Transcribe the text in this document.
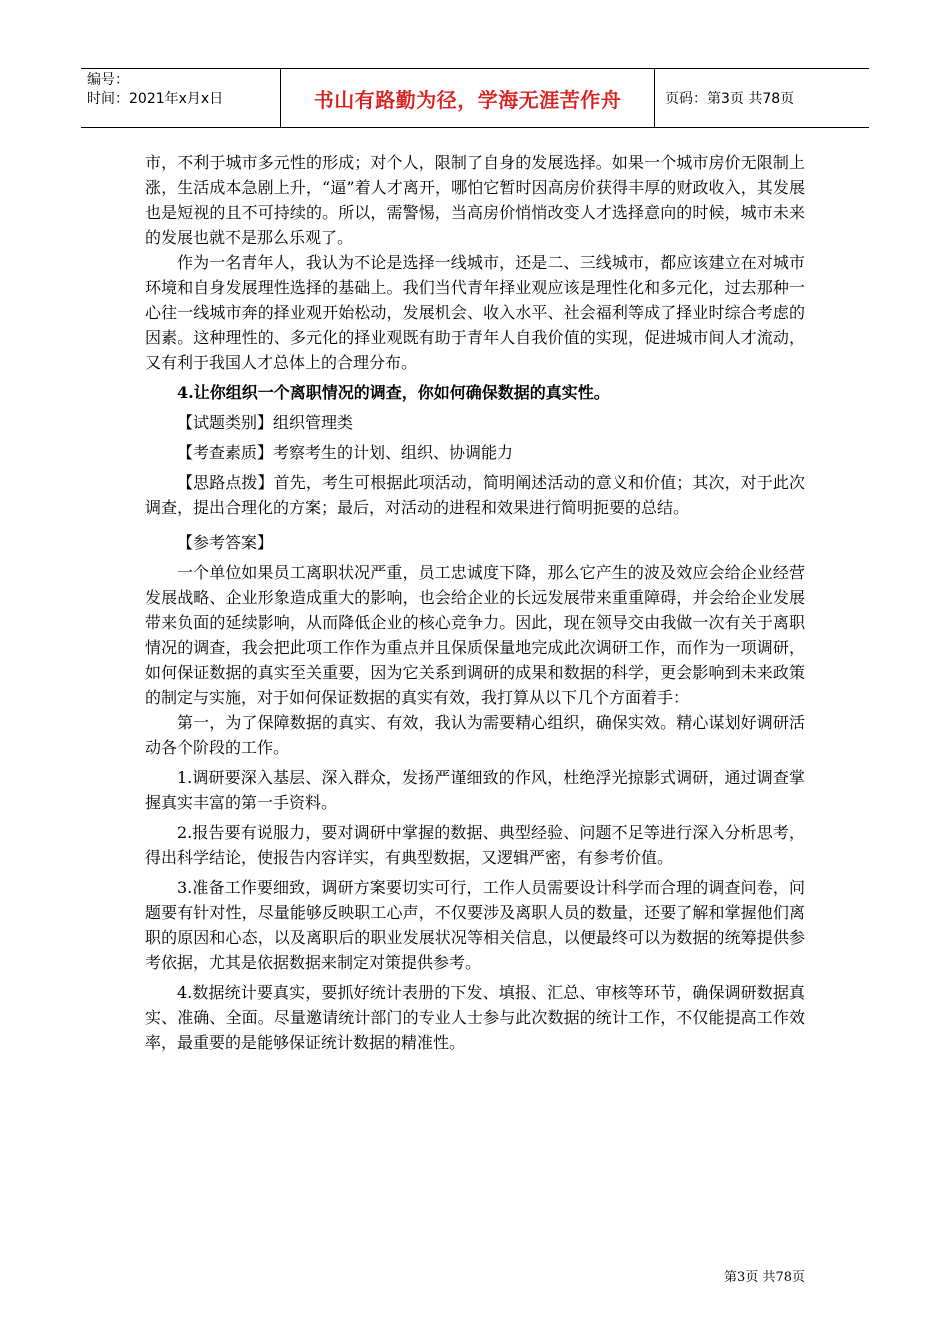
编号：
时间：2021年x月x日	书山有路勤为径，学海无涯苦作舟	页码：第3页 共78页

市，不利于城市多元性的形成；对个人，限制了自身的发展选择。如果一个城市房价无限制上涨，生活成本急剧上升，“逼”着人才离开，哪怕它暂时因高房价获得丰厚的财政收入，其发展也是短视的且不可持续的。所以，需警惕，当高房价悄悄改变人才选择意向的时候，城市未来的发展也就不是那么乐观了。

作为一名青年人，我认为不论是选择一线城市，还是二、三线城市，都应该建立在对城市环境和自身发展理性选择的基础上。我们当代青年择业观应该是理性化和多元化，过去那种一心往一线城市奔的择业观开始松动，发展机会、收入水平、社会福利等成了择业时综合考虑的因素。这种理性的、多元化的择业观既有助于青年人自我价值的实现，促进城市间人才流动，又有利于我国人才总体上的合理分布。

4.让你组织一个离职情况的调查，你如何确保数据的真实性。

【试题类别】组织管理类

【考查素质】考察考生的计划、组织、协调能力

【思路点拨】首先，考生可根据此项活动，简明阐述活动的意义和价值；其次，对于此次调查，提出合理化的方案；最后，对活动的进程和效果进行简明扼要的总结。

【参考答案】

一个单位如果员工离职状况严重，员工忠诚度下降，那么它产生的波及效应会给企业经营发展战略、企业形象造成重大的影响，也会给企业的长远发展带来重重障碍，并会给企业发展带来负面的延续影响，从而降低企业的核心竞争力。因此，现在领导交由我做一次有关于离职情况的调查，我会把此项工作作为重点并且保质保量地完成此次调研工作，而作为一项调研，如何保证数据的真实至关重要，因为它关系到调研的成果和数据的科学，更会影响到未来政策的制定与实施，对于如何保证数据的真实有效，我打算从以下几个方面着手：

第一，为了保障数据的真实、有效，我认为需要精心组织，确保实效。精心谋划好调研活动各个阶段的工作。

1.调研要深入基层、深入群众，发扬严谨细致的作风，杜绝浮光掠影式调研，通过调查掌握真实丰富的第一手资料。

2.报告要有说服力，要对调研中掌握的数据、典型经验、问题不足等进行深入分析思考，得出科学结论，使报告内容详实，有典型数据，又逻辑严密，有参考价值。

3.准备工作要细致，调研方案要切实可行，工作人员需要设计科学而合理的调查问卷，问题要有针对性，尽量能够反映职工心声，不仅要涉及离职人员的数量，还要了解和掌握他们离职的原因和心态，以及离职后的职业发展状况等相关信息，以便最终可以为数据的统筹提供参考依据，尤其是依据数据来制定对策提供参考。

4.数据统计要真实，要抓好统计表册的下发、填报、汇总、审核等环节，确保调研数据真实、准确、全面。尽量邀请统计部门的专业人士参与此次数据的统计工作，不仅能提高工作效率，最重要的是能够保证统计数据的精准性。

第3页 共78页
